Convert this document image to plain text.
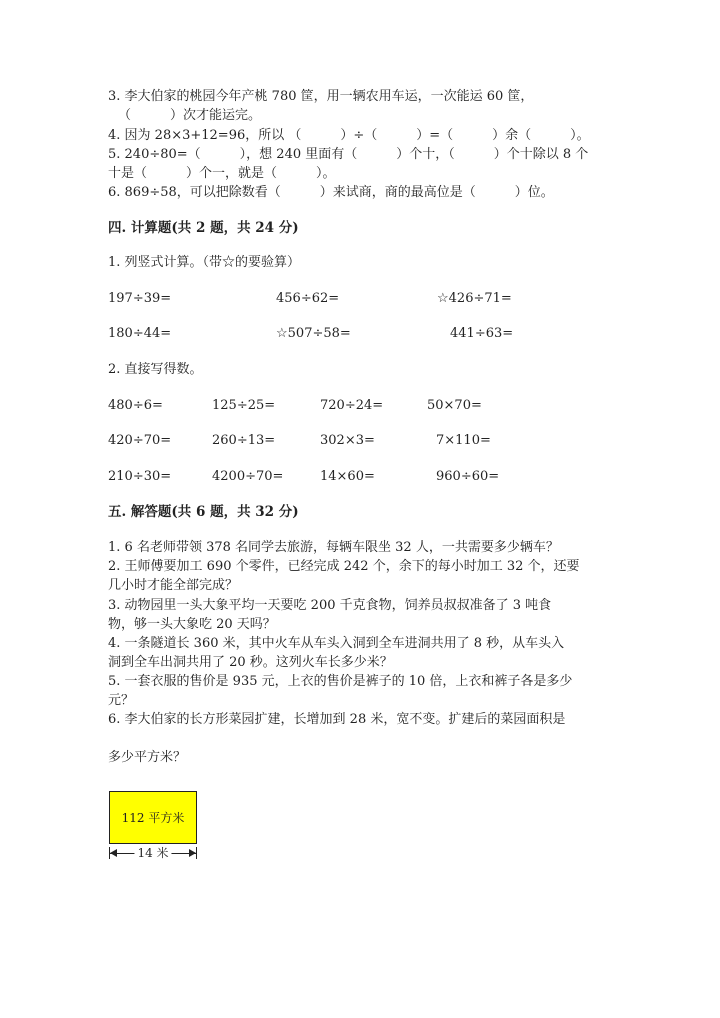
3. 李大伯家的桃园今年产桃 780 筐，用一辆农用车运，一次能运 60 筐，
（　　　）次才能运完。
4. 因为 28×3+12=96，所以 （　　　）÷（　　　）=（　　　）余（　　　）。
5. 240÷80=（　　　），想 240 里面有（　　　）个十，（　　　）个十除以 8 个
十是（　　　）个一，就是（　　　）。
6. 869÷58，可以把除数看（　　　）来试商，商的最高位是（　　　）位。
四. 计算题(共 2 题，共 24 分)
1. 列竖式计算。（带☆的要验算）
197÷39=	456÷62=	☆426÷71=
180÷44=	☆507÷58=	441÷63=
2. 直接写得数。
480÷6=	125÷25=	720÷24=	50×70=
420÷70=	260÷13=	302×3=	7×110=
210÷30=	4200÷70=	14×60=	960÷60=
五. 解答题(共 6 题，共 32 分)
1. 6 名老师带领 378 名同学去旅游，每辆车限坐 32 人，一共需要多少辆车？
2. 王师傅要加工 690 个零件，已经完成 242 个，余下的每小时加工 32 个，还要
几小时才能全部完成？
3. 动物园里一头大象平均一天要吃 200 千克食物，饲养员叔叔准备了 3 吨食
物，够一头大象吃 20 天吗？
4. 一条隧道长 360 米，其中火车从车头入洞到全车进洞共用了 8 秒，从车头入
洞到全车出洞共用了 20 秒。这列火车长多少米？
5. 一套衣服的售价是 935 元，上衣的售价是裤子的 10 倍，上衣和裤子各是多少
元？
6. 李大伯家的长方形菜园扩建，长增加到 28 米，宽不变。扩建后的菜园面积是
多少平方米？
112 平方米
14 米
